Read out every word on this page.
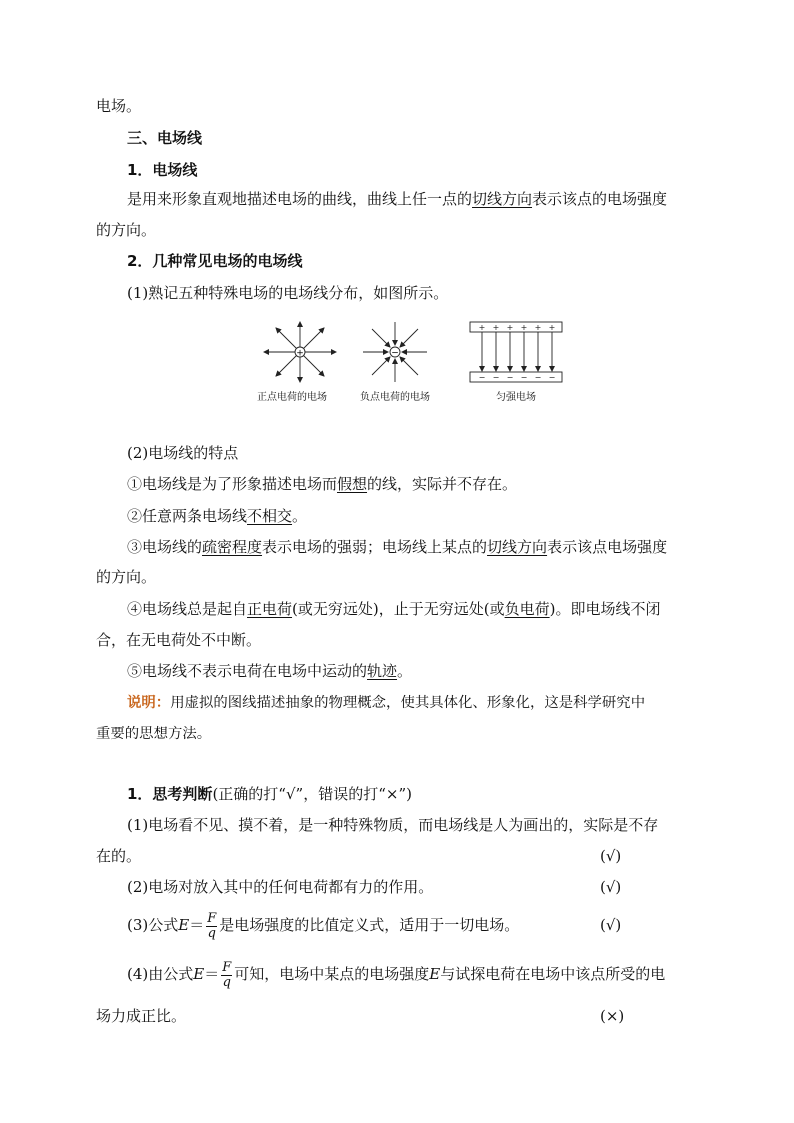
电场。
三、电场线
1．电场线
是用来形象直观地描述电场的曲线，曲线上任一点的切线方向表示该点的电场强度
的方向。
2．几种常见电场的电场线
(1)熟记五种特殊电场的电场线分布，如图所示。
+	−
+ + + + + +
− − − − − −
正点电荷的电场	负点电荷的电场	匀强电场
(2)电场线的特点
①电场线是为了形象描述电场而假想的线，实际并不存在。
②任意两条电场线不相交。
③电场线的疏密程度表示电场的强弱；电场线上某点的切线方向表示该点电场强度
的方向。
④电场线总是起自正电荷(或无穷远处)，止于无穷远处(或负电荷)。即电场线不闭
合，在无电荷处不中断。
⑤电场线不表示电荷在电场中运动的轨迹。
说明：用虚拟的图线描述抽象的物理概念，使其具体化、形象化，这是科学研究中
重要的思想方法。
1．思考判断(正确的打“√”，错误的打“×”)
(1)电场看不见、摸不着，是一种特殊物质，而电场线是人为画出的，实际是不存
在的。	(√)
(2)电场对放入其中的任何电荷都有力的作用。	(√)
(3)公式$E= \frac{F}{q}$ 是电场强度的比值定义式，适用于一切电场。	(√)
(4)由公式$E= \frac{F}{q}$ 可知，电场中某点的电场强度E与试探电荷在电场中该点所受的电
场力成正比。	(×)
